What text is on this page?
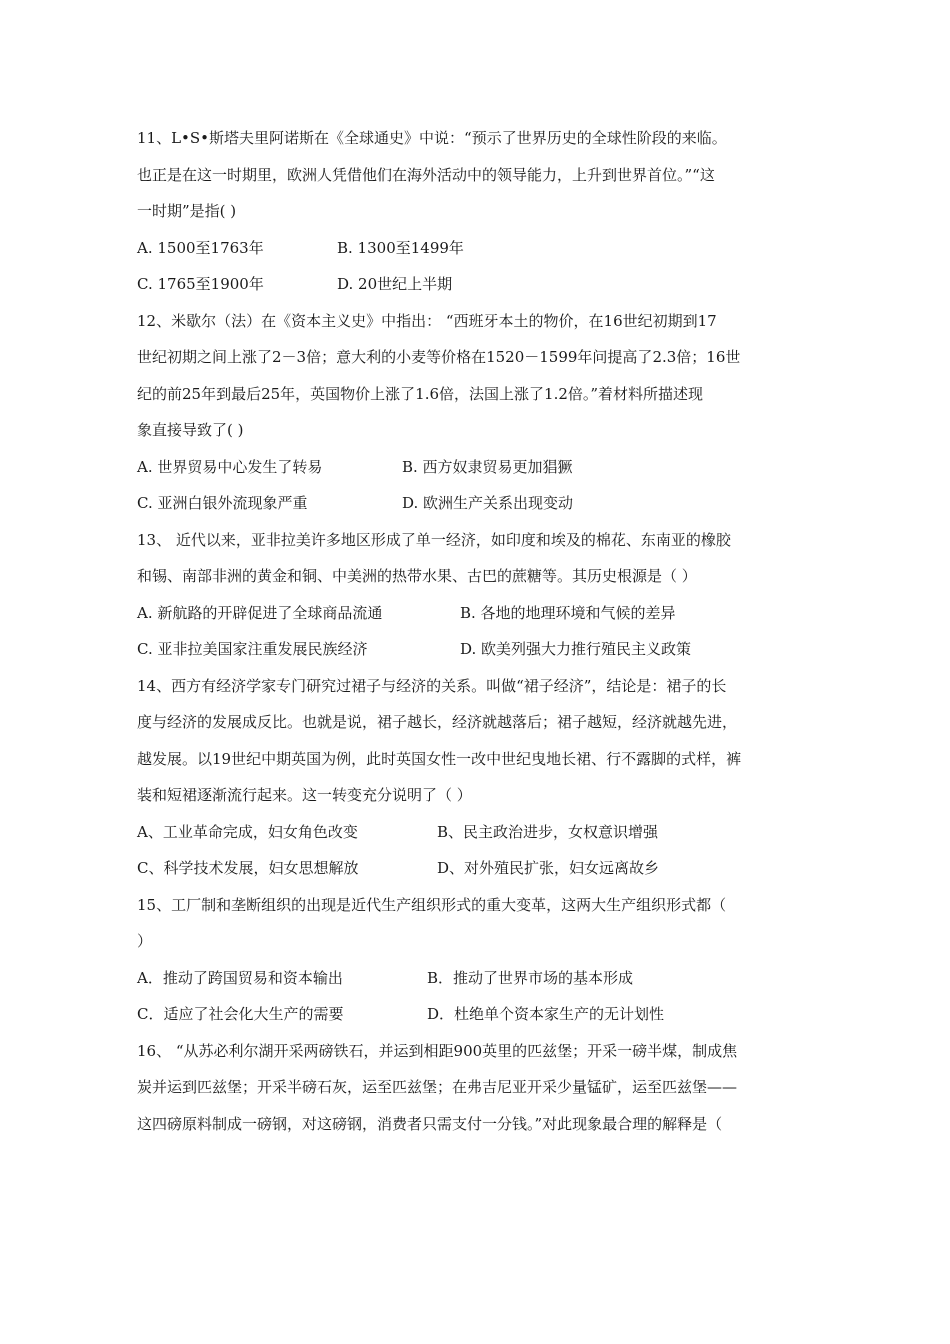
11、L•S•斯塔夫里阿诺斯在《全球通史》中说：“预示了世界历史的全球性阶段的来临。
也正是在这一时期里，欧洲人凭借他们在海外活动中的领导能力，上升到世界首位。”“这
一时期”是指( )
A. 1500至1763年	B. 1300至1499年
C. 1765至1900年	D. 20世纪上半期
12、米歇尔（法）在《资本主义史》中指出： “西班牙本土的物价，在16世纪初期到17
世纪初期之间上涨了2－3倍；意大利的小麦等价格在1520－1599年问提高了2.3倍；16世
纪的前25年到最后25年，英国物价上涨了1.6倍，法国上涨了1.2倍。”着材料所描述现
象直接导致了( )
A. 世界贸易中心发生了转易	B. 西方奴隶贸易更加猖獗
C. 亚洲白银外流现象严重	D. 欧洲生产关系出现变动
13、 近代以来，亚非拉美许多地区形成了单一经济，如印度和埃及的棉花、东南亚的橡胶
和锡、南部非洲的黄金和铜、中美洲的热带水果、古巴的蔗糖等。其历史根源是（ ）
A. 新航路的开辟促进了全球商品流通	B. 各地的地理环境和气候的差异
C. 亚非拉美国家注重发展民族经济	D. 欧美列强大力推行殖民主义政策
14、西方有经济学家专门研究过裙子与经济的关系。叫做“裙子经济”，结论是：裙子的长
度与经济的发展成反比。也就是说，裙子越长，经济就越落后；裙子越短，经济就越先进，
越发展。以19世纪中期英国为例，此时英国女性一改中世纪曳地长裙、行不露脚的式样，裤
装和短裙逐渐流行起来。这一转变充分说明了（ ）
A、工业革命完成，妇女角色改变	B、民主政治进步，女权意识增强
C、科学技术发展，妇女思想解放	D、对外殖民扩张，妇女远离故乡
15、工厂制和垄断组织的出现是近代生产组织形式的重大变革，这两大生产组织形式都（
）
A．推动了跨国贸易和资本输出	B．推动了世界市场的基本形成
C．适应了社会化大生产的需要	D．杜绝单个资本家生产的无计划性
16、 “从苏必利尔湖开采两磅铁石，并运到相距900英里的匹兹堡；开采一磅半煤，制成焦
炭并运到匹兹堡；开采半磅石灰，运至匹兹堡；在弗吉尼亚开采少量锰矿，运至匹兹堡——
这四磅原料制成一磅钢，对这磅钢，消费者只需支付一分钱。”对此现象最合理的解释是（
